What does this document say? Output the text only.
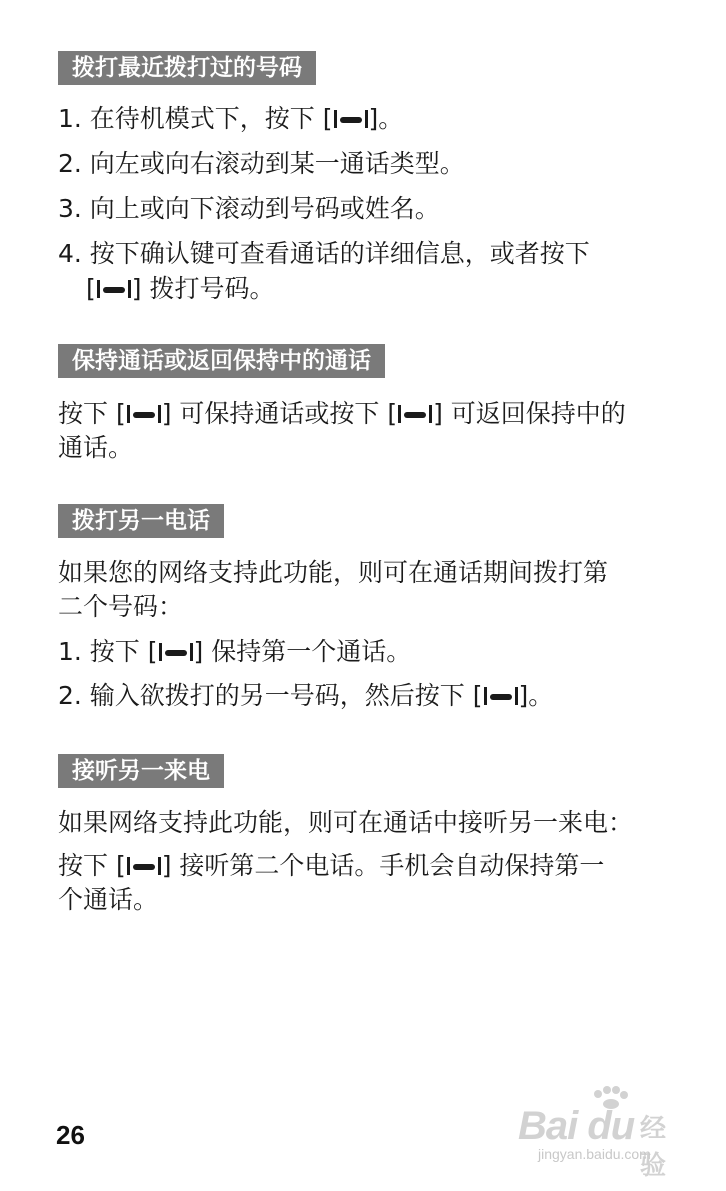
拨打最近拨打过的号码
1. 在待机模式下，按下 [ ]。
2. 向左或向右滚动到某一通话类型。
3. 向上或向下滚动到号码或姓名。
4. 按下确认键可查看通话的详细信息，或者按下
[ ] 拨打号码。
保持通话或返回保持中的通话
按下 [ ] 可保持通话或按下 [ ] 可返回保持中的
通话。
拨打另一电话
如果您的网络支持此功能，则可在通话期间拨打第
二个号码：
1. 按下 [ ] 保持第一个通话。
2. 输入欲拨打的另一号码，然后按下 [ ]。
接听另一来电
如果网络支持此功能，则可在通话中接听另一来电：
按下 [ ] 接听第二个电话。手机会自动保持第一
个通话。
26	Bai du 经验
jingyan.baidu.com
